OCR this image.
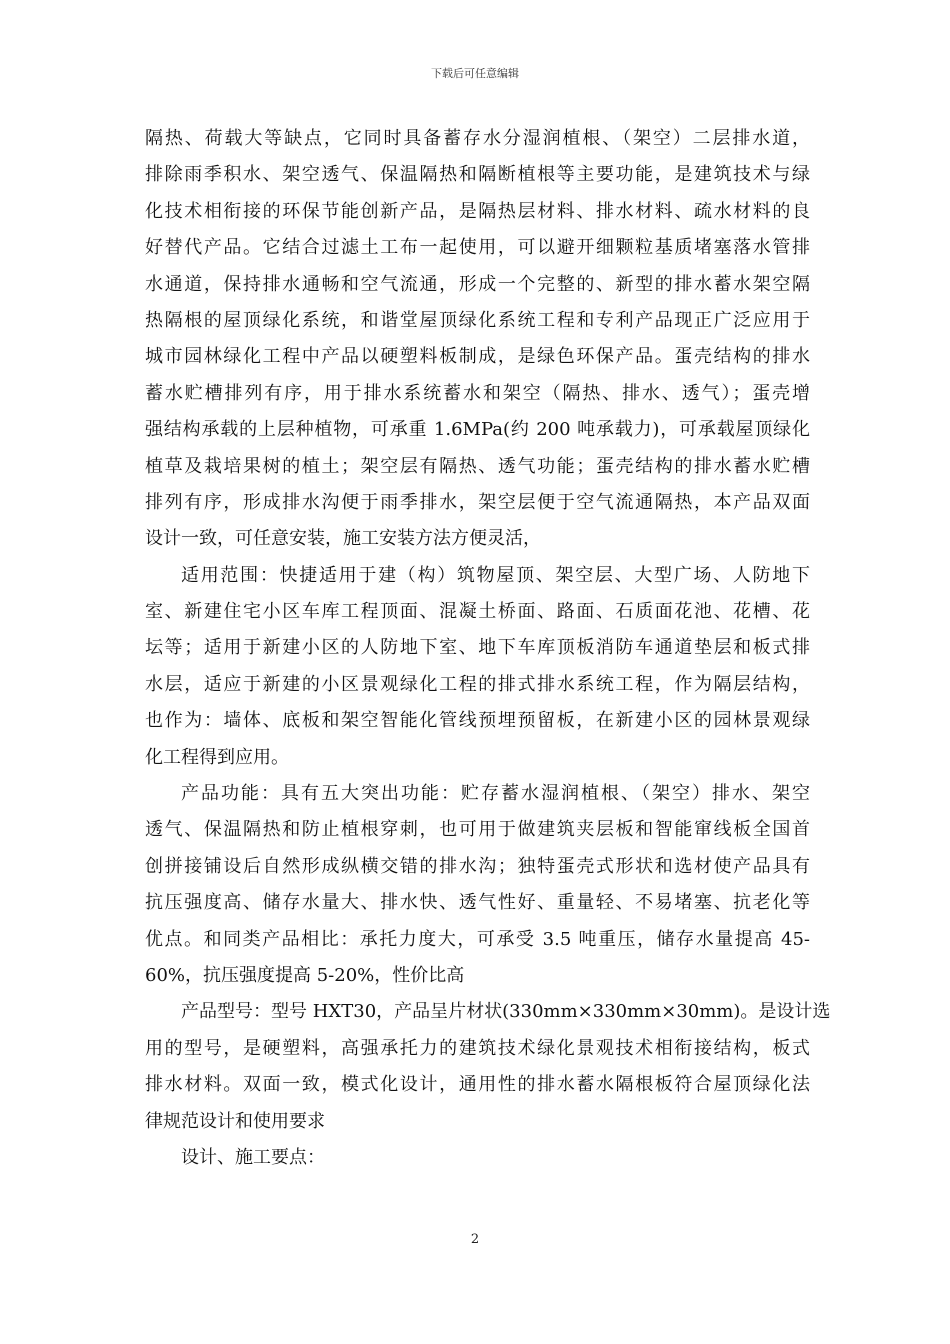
下载后可任意编辑
隔热、荷载大等缺点，它同时具备蓄存水分湿润植根、（架空）二层排水道，
排除雨季积水、架空透气、保温隔热和隔断植根等主要功能，是建筑技术与绿
化技术相衔接的环保节能创新产品，是隔热层材料、排水材料、疏水材料的良
好替代产品。它结合过滤土工布一起使用，可以避开细颗粒基质堵塞落水管排
水通道，保持排水通畅和空气流通，形成一个完整的、新型的排水蓄水架空隔
热隔根的屋顶绿化系统，和谐堂屋顶绿化系统工程和专利产品现正广泛应用于
城市园林绿化工程中产品以硬塑料板制成，是绿色环保产品。蛋壳结构的排水
蓄水贮槽排列有序，用于排水系统蓄水和架空（隔热、排水、透气）；蛋壳增
强结构承载的上层种植物，可承重 1.6MPa(约 200 吨承载力)，可承载屋顶绿化
植草及栽培果树的植土；架空层有隔热、透气功能；蛋壳结构的排水蓄水贮槽
排列有序，形成排水沟便于雨季排水，架空层便于空气流通隔热，本产品双面
设计一致，可任意安装，施工安装方法方便灵活，
适用范围：快捷适用于建（构）筑物屋顶、架空层、大型广场、人防地下
室、新建住宅小区车库工程顶面、混凝土桥面、路面、石质面花池、花槽、花
坛等；适用于新建小区的人防地下室、地下车库顶板消防车通道垫层和板式排
水层，适应于新建的小区景观绿化工程的排式排水系统工程，作为隔层结构，
也作为：墙体、底板和架空智能化管线预埋预留板，在新建小区的园林景观绿
化工程得到应用。
产品功能：具有五大突出功能：贮存蓄水湿润植根、（架空）排水、架空
透气、保温隔热和防止植根穿刺，也可用于做建筑夹层板和智能窜线板全国首
创拼接铺设后自然形成纵横交错的排水沟；独特蛋壳式形状和选材使产品具有
抗压强度高、储存水量大、排水快、透气性好、重量轻、不易堵塞、抗老化等
优点。和同类产品相比：承托力度大，可承受 3.5 吨重压，储存水量提高 45-
60%，抗压强度提高 5-20%，性价比高
产品型号：型号 HXT30，产品呈片材状(330mm×330mm×30mm)。是设计选
用的型号，是硬塑料，高强承托力的建筑技术绿化景观技术相衔接结构，板式
排水材料。双面一致，模式化设计，通用性的排水蓄水隔根板符合屋顶绿化法
律规范设计和使用要求
设计、施工要点：
2
